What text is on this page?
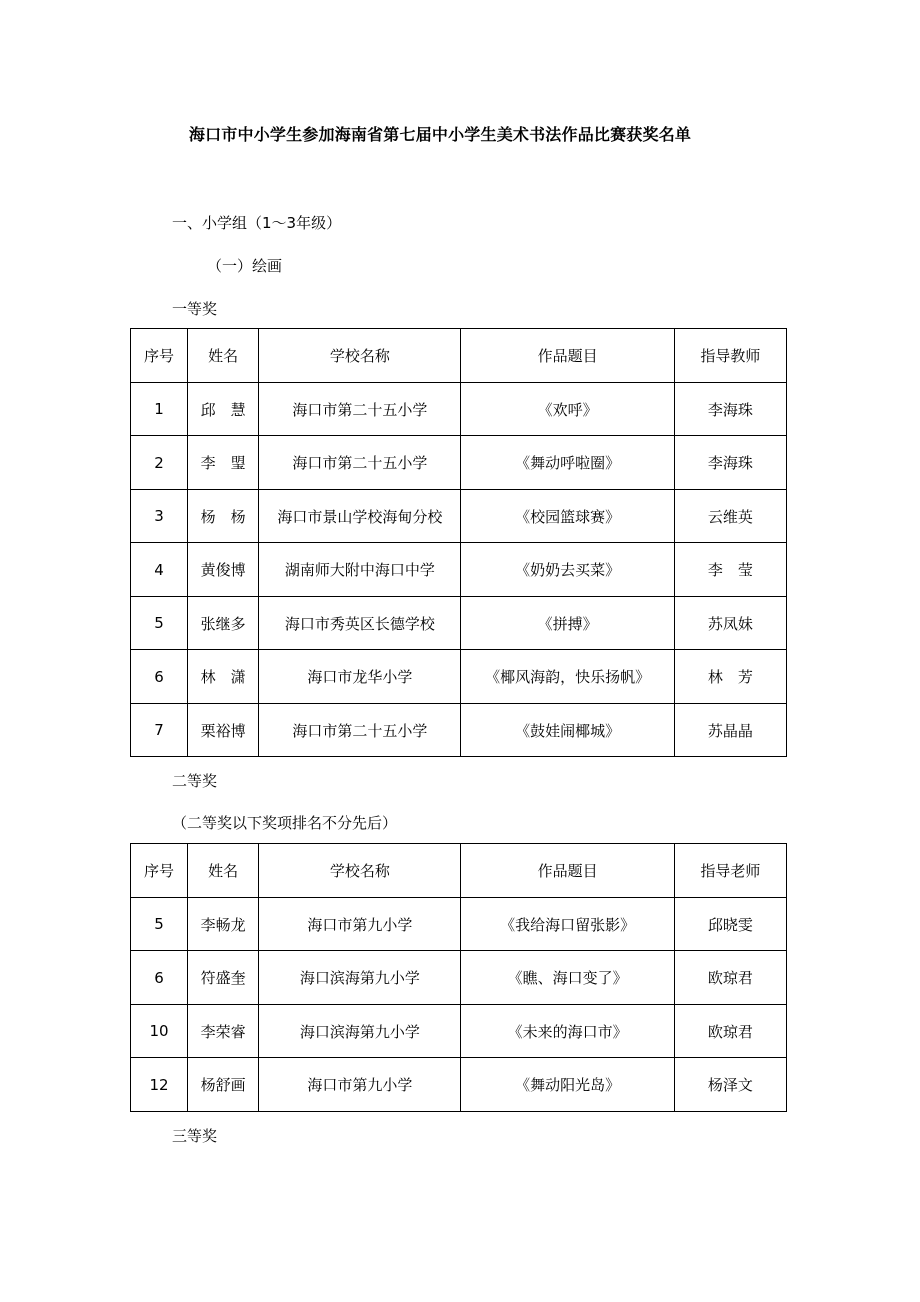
海口市中小学生参加海南省第七届中小学生美术书法作品比赛获奖名单
一、小学组（1～3年级）
（一）绘画
一等奖
序号	姓名	学校名称	作品题目	指导教师
1	邱　慧	海口市第二十五小学	《欢呼》	李海珠
2	李　琞	海口市第二十五小学	《舞动呼啦圈》	李海珠
3	杨　杨	海口市景山学校海甸分校	《校园篮球赛》	云维英
4	黄俊博	湖南师大附中海口中学	《奶奶去买菜》	李　莹
5	张继多	海口市秀英区长德学校	《拼搏》	苏凤妹
6	林　潇	海口市龙华小学	《椰风海韵，快乐扬帆》	林　芳
7	栗裕博	海口市第二十五小学	《鼓娃闹椰城》	苏晶晶
二等奖
（二等奖以下奖项排名不分先后）
序号	姓名	学校名称	作品题目	指导老师
5	李畅龙	海口市第九小学	《我给海口留张影》	邱晓雯
6	符盛奎	海口滨海第九小学	《瞧、海口变了》	欧琼君
10	李荣睿	海口滨海第九小学	《未来的海口市》	欧琼君
12	杨舒画	海口市第九小学	《舞动阳光岛》	杨泽文
三等奖
